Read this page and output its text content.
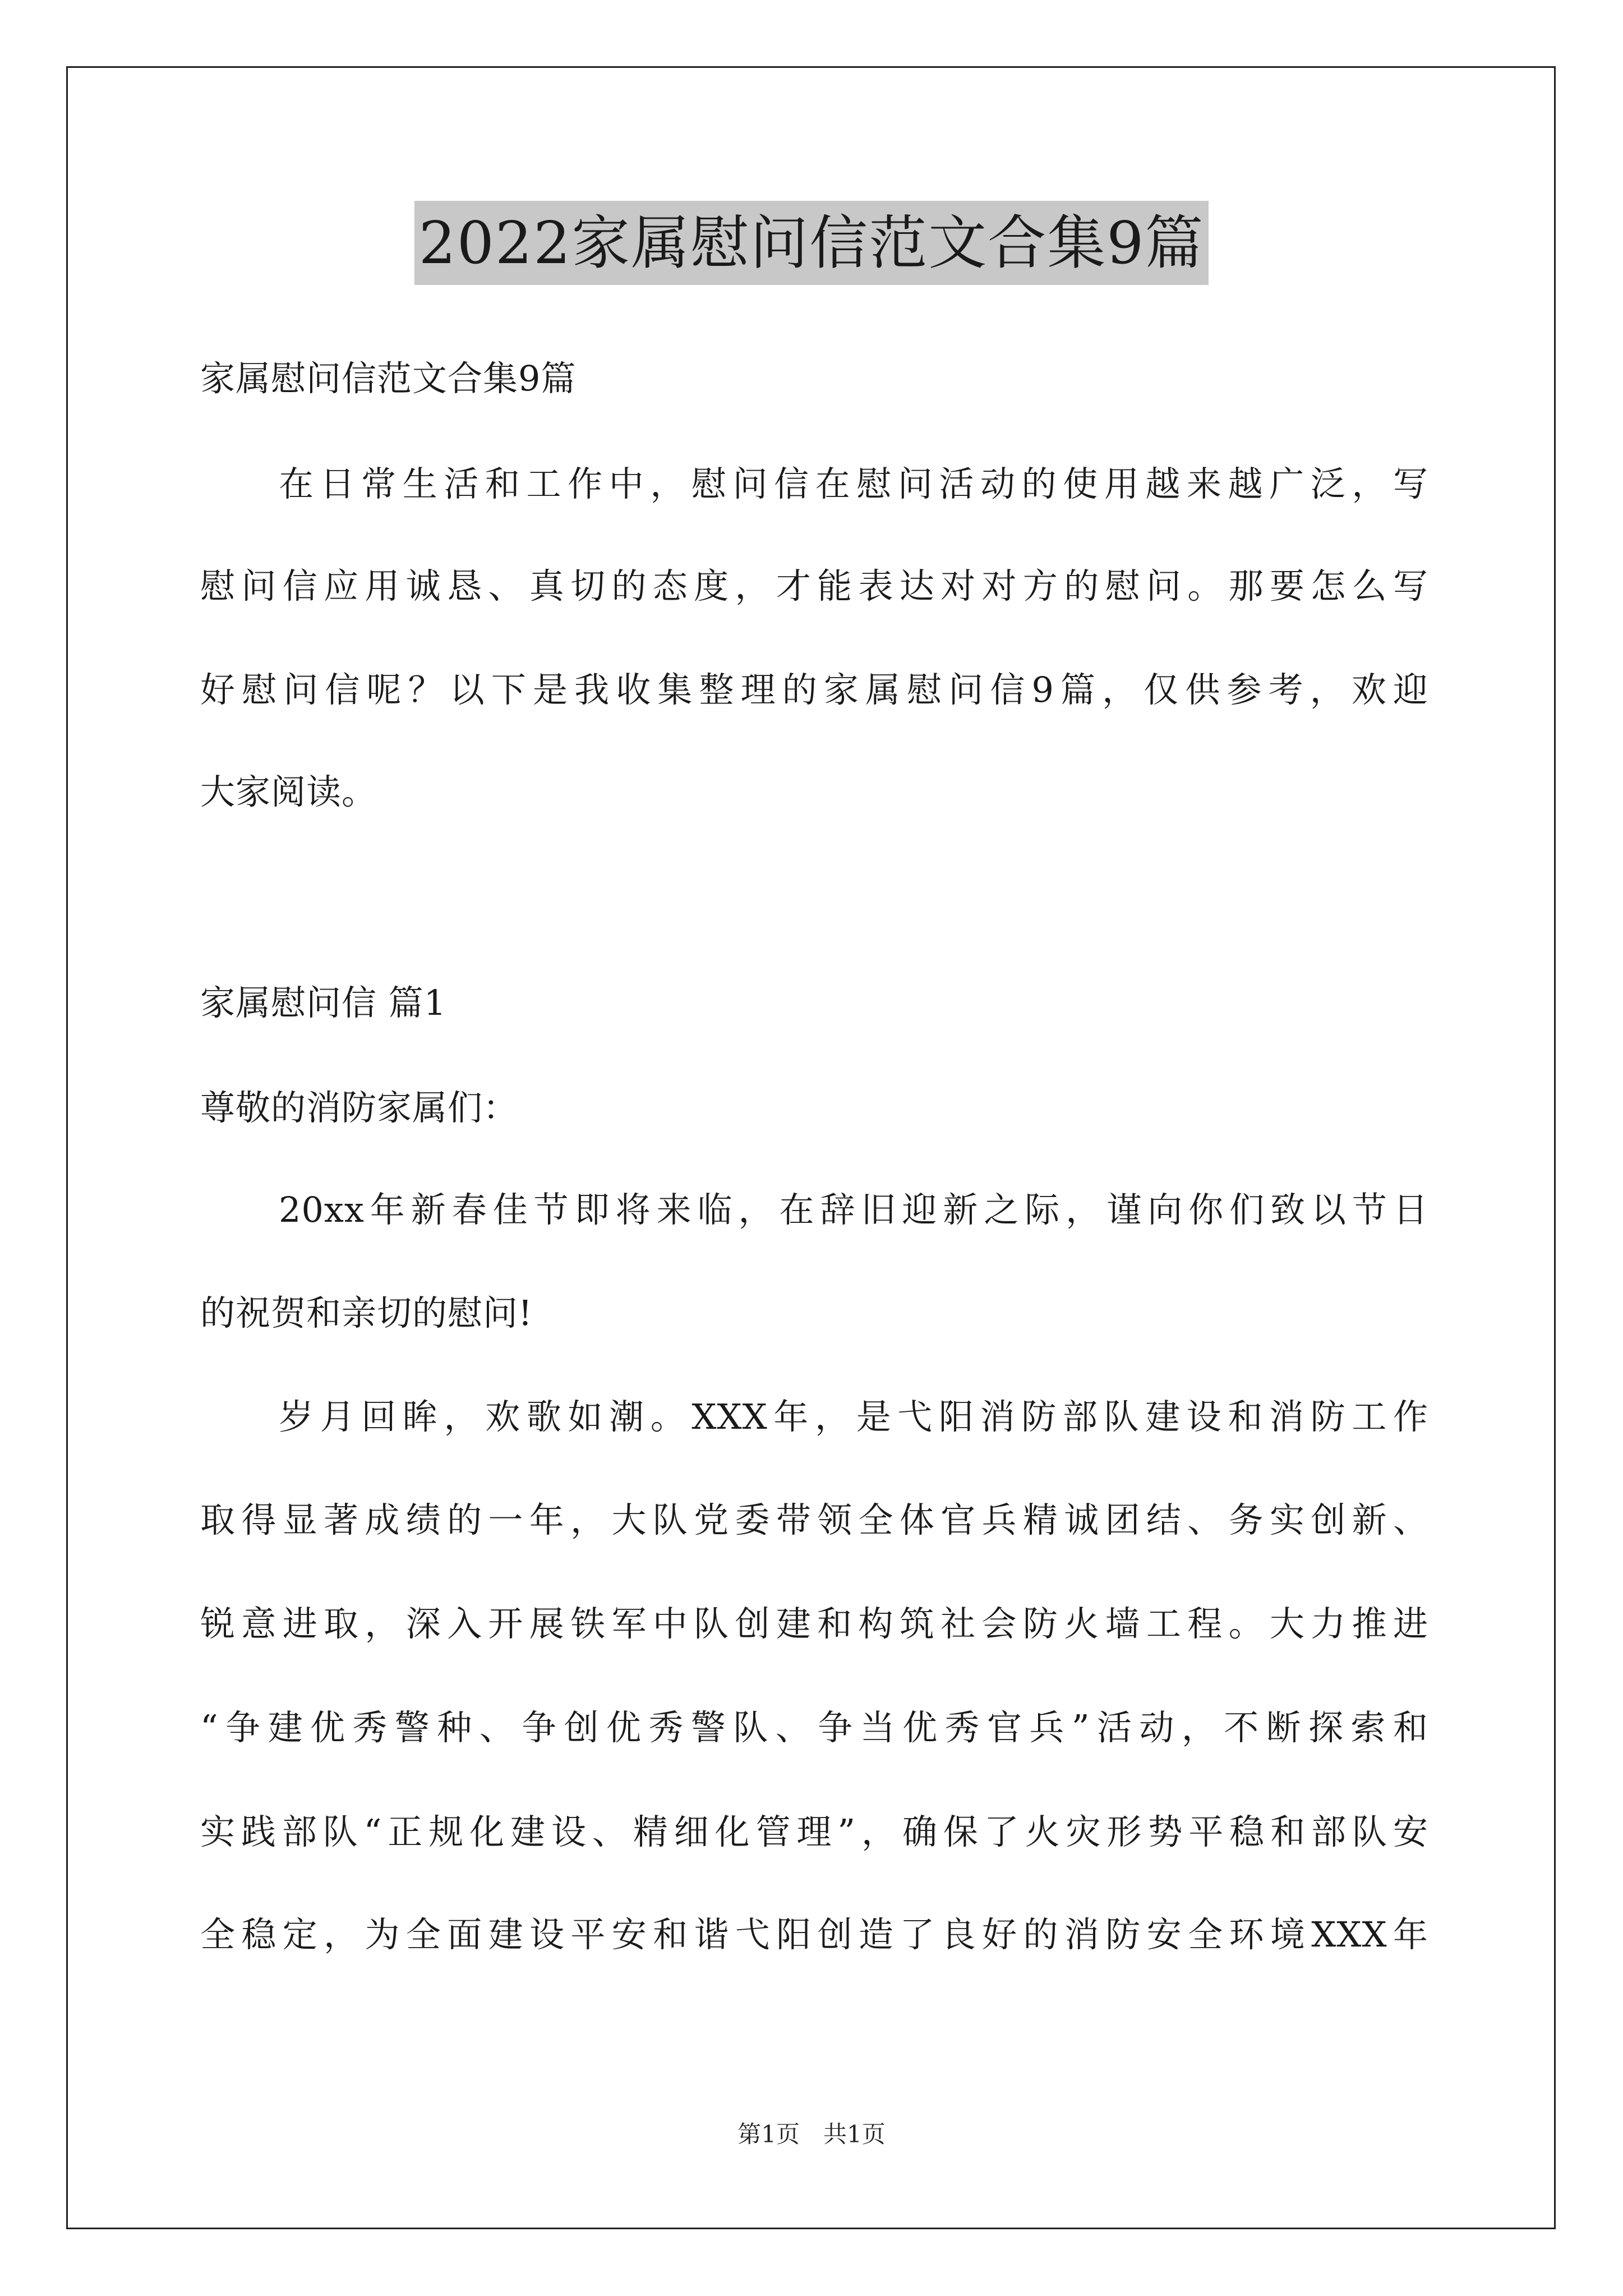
2022家属慰问信范文合集9篇
家属慰问信范文合集9篇
在日常生活和工作中，慰问信在慰问活动的使用越来越广泛，写
慰问信应用诚恳、真切的态度，才能表达对对方的慰问。那要怎么写
好慰问信呢？以下是我收集整理的家属慰问信9篇，仅供参考，欢迎
大家阅读。
家属慰问信 篇1
尊敬的消防家属们：
20xx年新春佳节即将来临，在辞旧迎新之际，谨向你们致以节日
的祝贺和亲切的慰问!
岁月回眸，欢歌如潮。XXX年，是弋阳消防部队建设和消防工作
取得显著成绩的一年，大队党委带领全体官兵精诚团结、务实创新、
锐意进取，深入开展铁军中队创建和构筑社会防火墙工程。大力推进
“争建优秀警种、争创优秀警队、争当优秀官兵”活动，不断探索和
实践部队“正规化建设、精细化管理”，确保了火灾形势平稳和部队安
全稳定，为全面建设平安和谐弋阳创造了良好的消防安全环境XXX年
第1页　共1页
